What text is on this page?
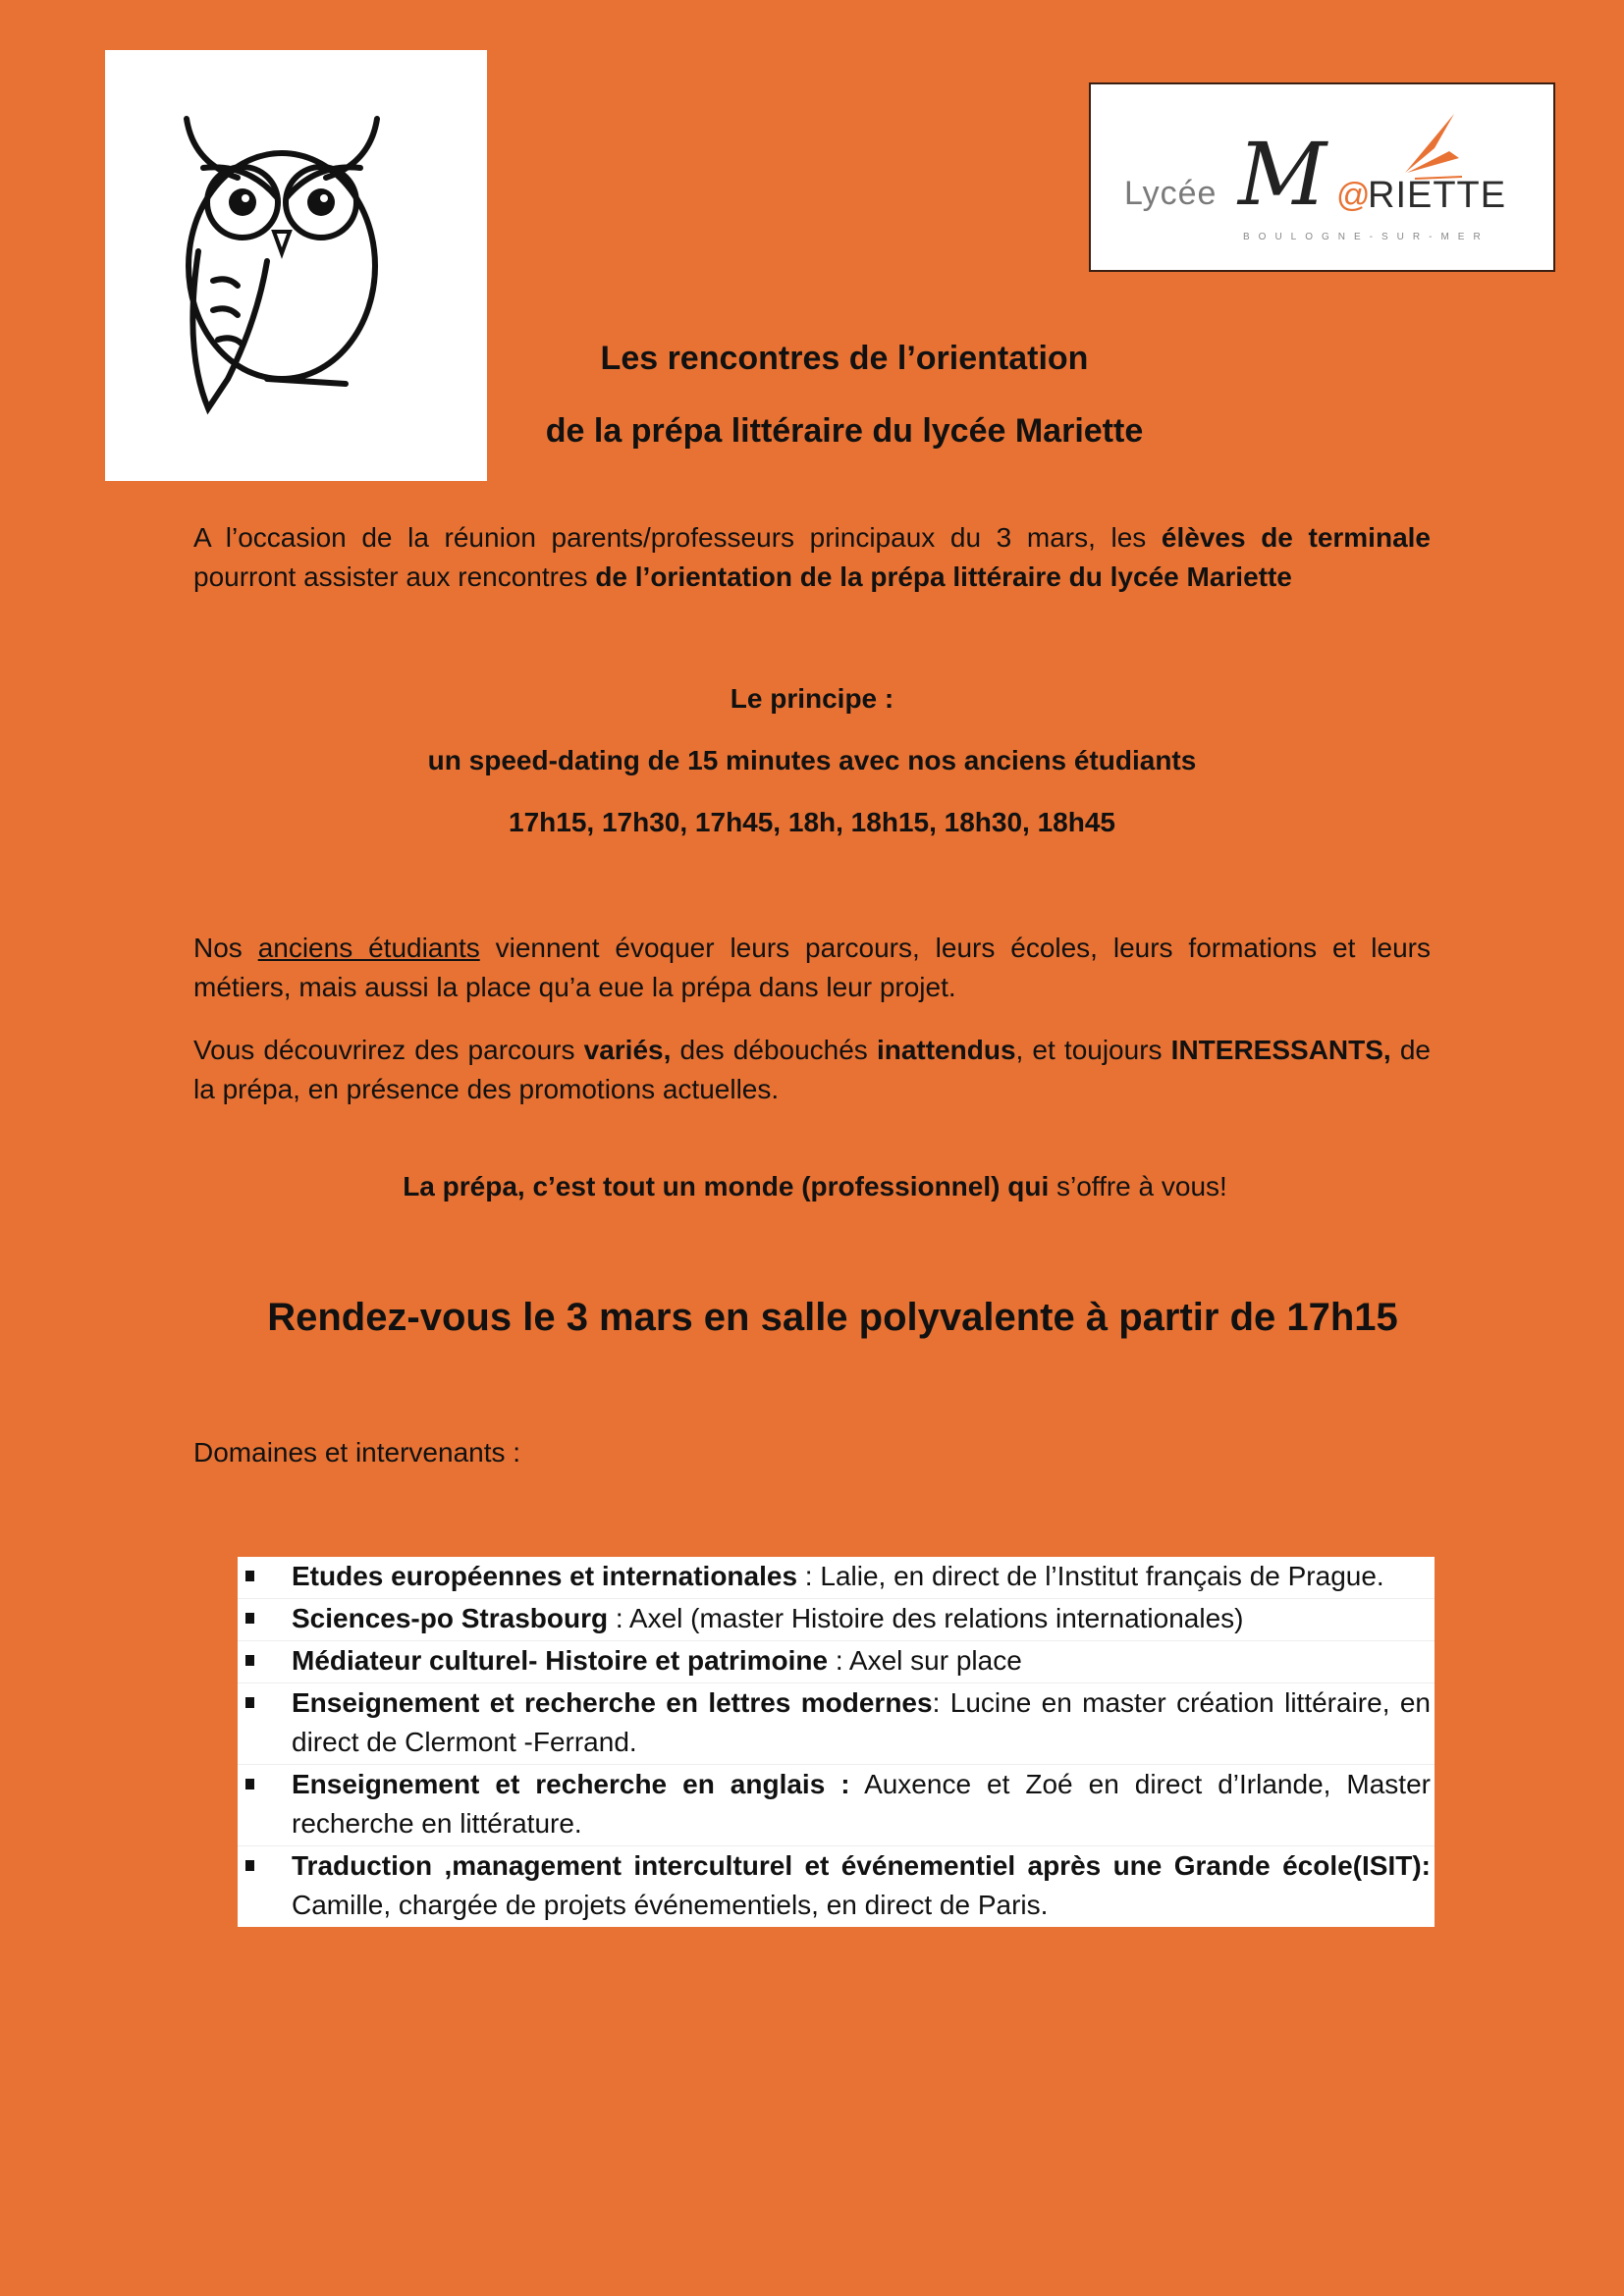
Lycée M @
RIETTE
BOULOGNE-SUR-MER
Les rencontres de l’orientation
de la prépa littéraire du lycée Mariette
A l’occasion de la réunion parents/professeurs principaux du 3 mars, les élèves de terminale pourront assister aux rencontres de l’orientation de la prépa littéraire du lycée Mariette
Le principe :
un speed-dating de 15 minutes avec nos anciens étudiants
17h15, 17h30, 17h45, 18h, 18h15, 18h30, 18h45
Nos anciens étudiants viennent évoquer leurs parcours, leurs écoles, leurs formations et leurs métiers, mais aussi la place qu’a eue la prépa dans leur projet.
Vous découvrirez des parcours variés, des débouchés inattendus, et toujours INTERESSANTS, de la prépa, en présence des promotions actuelles.
La prépa, c’est tout un monde (professionnel) qui s’offre à vous!
Rendez-vous le 3 mars en salle polyvalente à partir de 17h15
Domaines et intervenants :
Etudes européennes et internationales : Lalie, en direct de l’Institut français de Prague.
Sciences-po Strasbourg : Axel (master Histoire des relations internationales)
Médiateur culturel- Histoire et patrimoine : Axel sur place
Enseignement et recherche en lettres modernes: Lucine en master création littéraire, en direct de Clermont -Ferrand.
Enseignement et recherche en anglais : Auxence et Zoé en direct d’Irlande, Master recherche en littérature.
Traduction ,management interculturel et événementiel après une Grande école(ISIT): Camille, chargée de projets événementiels, en direct de Paris.
